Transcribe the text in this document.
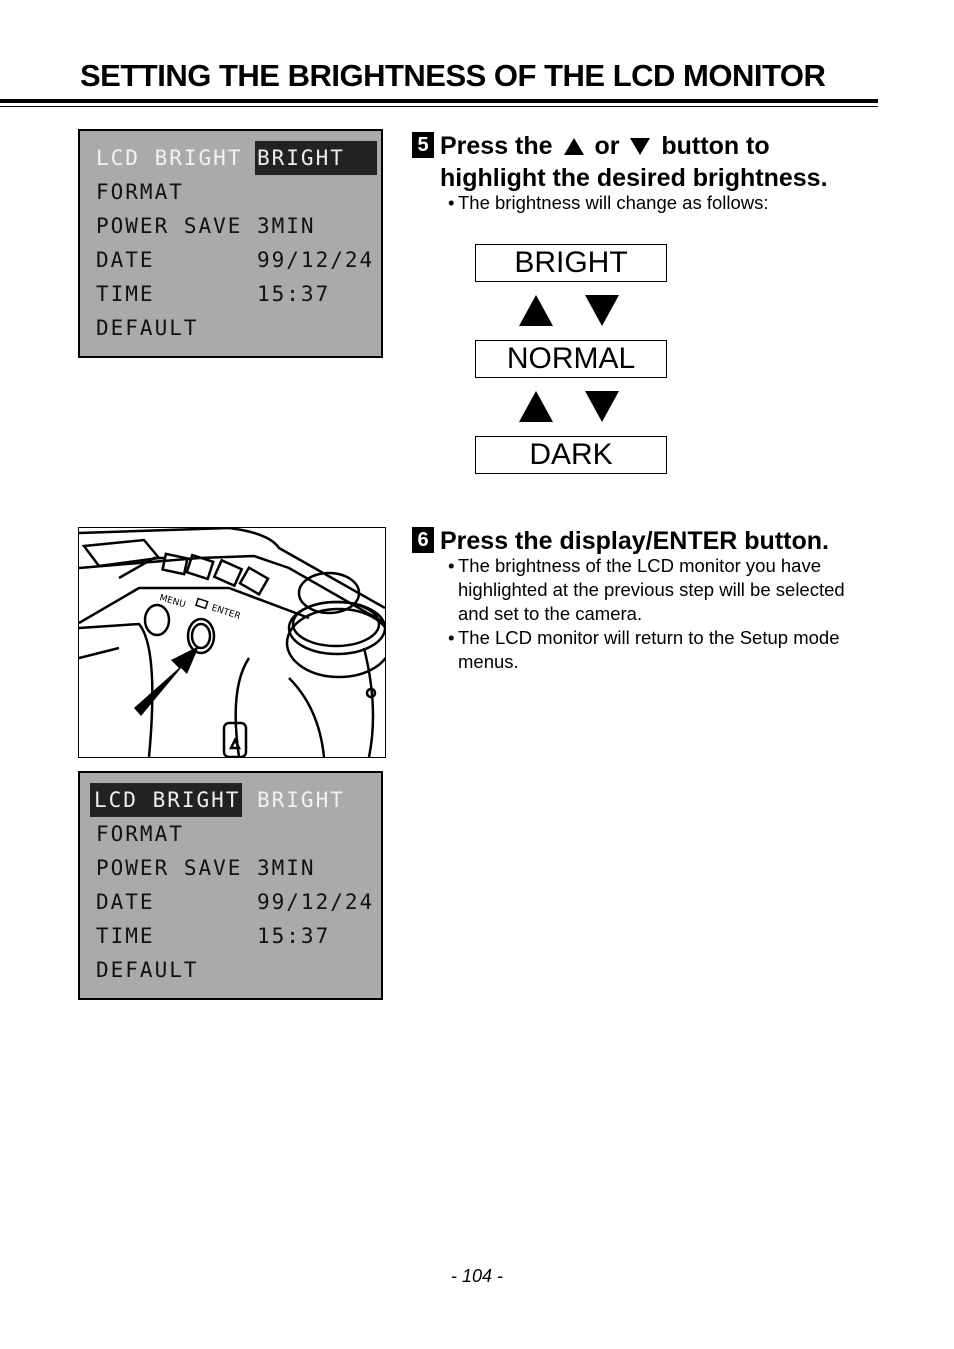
SETTING THE BRIGHTNESS OF THE LCD MONITOR
LCD BRIGHT BRIGHT
FORMAT
POWER SAVE 3MIN
DATE	99/12/24
TIME	15:37
DEFAULT
5 Press the or button to
highlight the desired brightness.
• The brightness will change as follows:
BRIGHT
NORMAL
DARK
MENU
ENTER
6 Press the display/ENTER button.
• The brightness of the LCD monitor you have highlighted at the previous step will be selected and set to the camera.
• The LCD monitor will return to the Setup mode menus.
LCD BRIGHT BRIGHT
FORMAT
POWER SAVE 3MIN
DATE	99/12/24
TIME	15:37
DEFAULT
- 104 -
